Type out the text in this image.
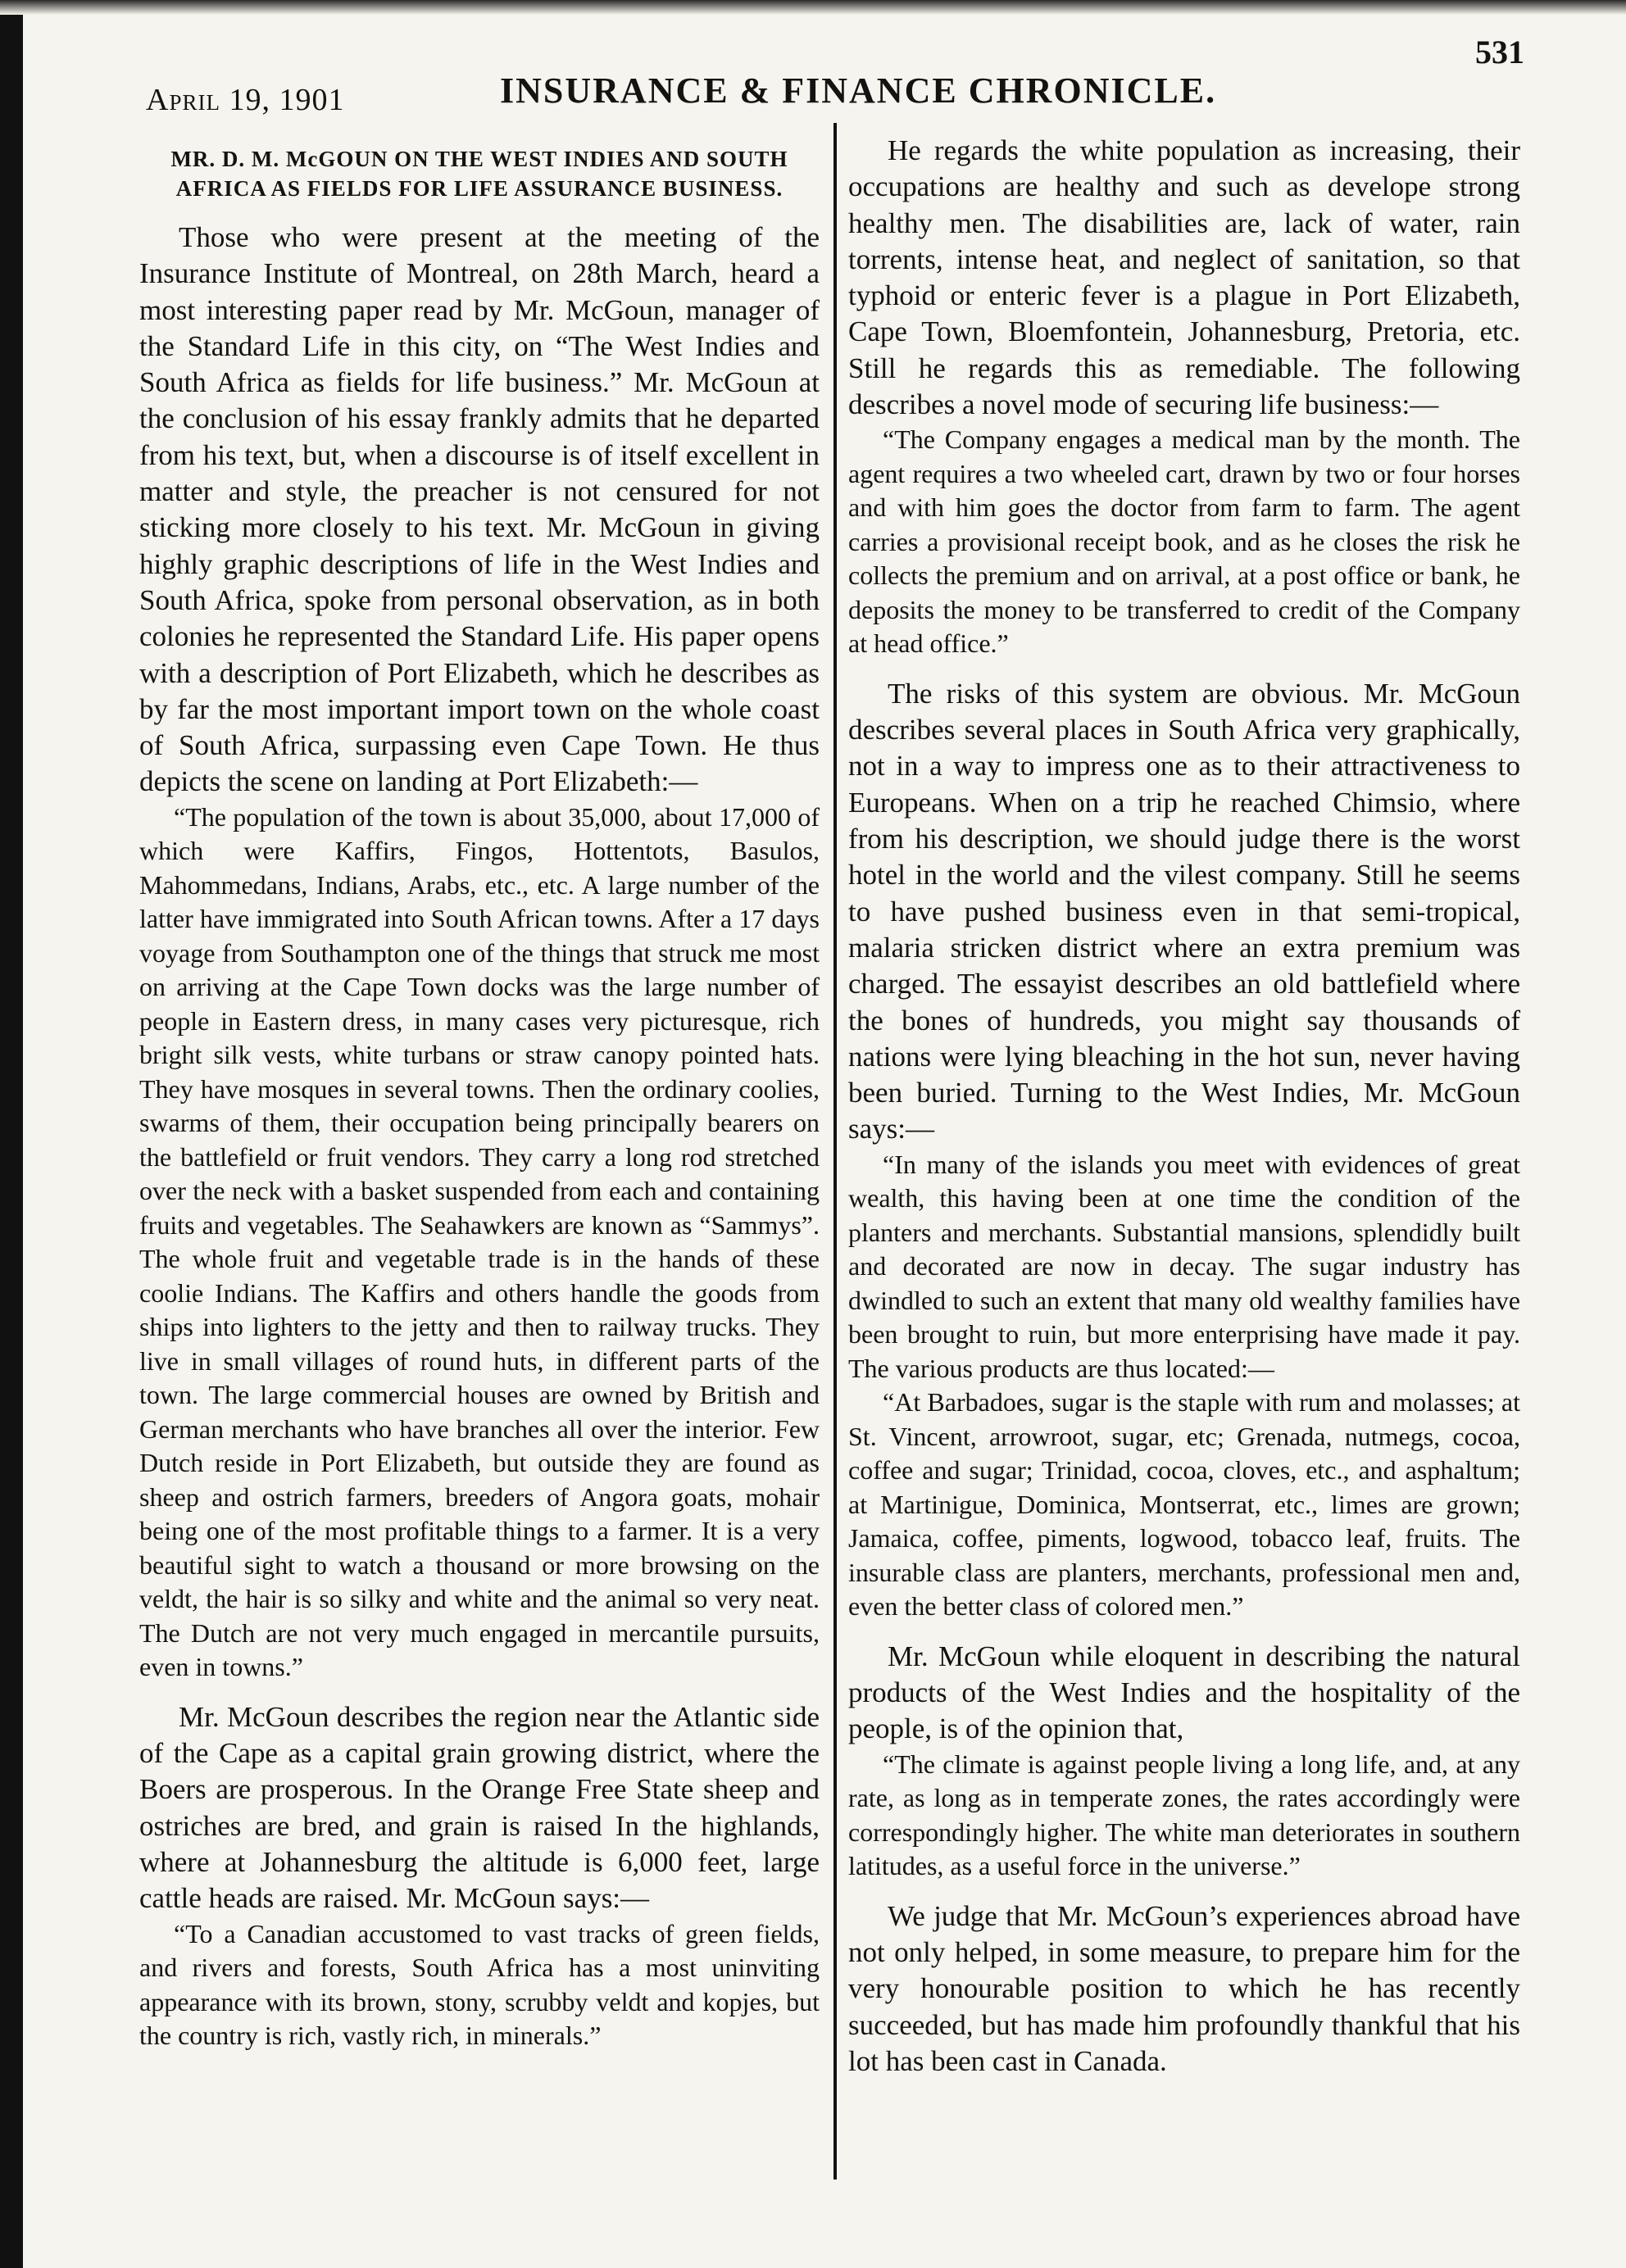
April 19, 1901	INSURANCE & FINANCE CHRONICLE.
531
MR. D. M. McGOUN ON THE WEST INDIES AND SOUTH AFRICA AS FIELDS FOR LIFE ASSURANCE BUSINESS.

Those who were present at the meeting of the Insurance Institute of Montreal, on 28th March, heard a most interesting paper read by Mr. McGoun, manager of the Standard Life in this city, on “The West Indies and South Africa as fields for life business.” Mr. McGoun at the conclusion of his essay frankly admits that he departed from his text, but, when a discourse is of itself excellent in matter and style, the preacher is not censured for not sticking more closely to his text. Mr. McGoun in giving highly graphic descriptions of life in the West Indies and South Africa, spoke from personal observation, as in both colonies he represented the Standard Life. His paper opens with a description of Port Elizabeth, which he describes as by far the most important import town on the whole coast of South Africa, surpassing even Cape Town. He thus depicts the scene on landing at Port Elizabeth:—

“The population of the town is about 35,000, about 17,000 of which were Kaffirs, Fingos, Hottentots, Basulos, Mahommedans, Indians, Arabs, etc., etc. A large number of the latter have immigrated into South African towns. After a 17 days voyage from Southampton one of the things that struck me most on arriving at the Cape Town docks was the large number of people in Eastern dress, in many cases very picturesque, rich bright silk vests, white turbans or straw canopy pointed hats. They have mosques in several towns. Then the ordinary coolies, swarms of them, their occupation being principally bearers on the battlefield or fruit vendors. They carry a long rod stretched over the neck with a basket suspended from each and containing fruits and vegetables. The Seahawkers are known as “Sammys”. The whole fruit and vegetable trade is in the hands of these coolie Indians. The Kaffirs and others handle the goods from ships into lighters to the jetty and then to railway trucks. They live in small villages of round huts, in different parts of the town. The large commercial houses are owned by British and German merchants who have branches all over the interior. Few Dutch reside in Port Elizabeth, but outside they are found as sheep and ostrich farmers, breeders of Angora goats, mohair being one of the most profitable things to a farmer. It is a very beautiful sight to watch a thousand or more browsing on the veldt, the hair is so silky and white and the animal so very neat. The Dutch are not very much engaged in mercantile pursuits, even in towns.”

Mr. McGoun describes the region near the Atlantic side of the Cape as a capital grain growing district, where the Boers are prosperous. In the Orange Free State sheep and ostriches are bred, and grain is raised In the highlands, where at Johannesburg the altitude is 6,000 feet, large cattle heads are raised. Mr. McGoun says:—

“To a Canadian accustomed to vast tracks of green fields, and rivers and forests, South Africa has a most uninviting appearance with its brown, stony, scrubby veldt and kopjes, but the country is rich, vastly rich, in minerals.”

He regards the white population as increasing, their occupations are healthy and such as develope strong healthy men. The disabilities are, lack of water, rain torrents, intense heat, and neglect of sanitation, so that typhoid or enteric fever is a plague in Port Elizabeth, Cape Town, Bloemfontein, Johannesburg, Pretoria, etc. Still he regards this as remediable. The following describes a novel mode of securing life business:—

“The Company engages a medical man by the month. The agent requires a two wheeled cart, drawn by two or four horses and with him goes the doctor from farm to farm. The agent carries a provisional receipt book, and as he closes the risk he collects the premium and on arrival, at a post office or bank, he deposits the money to be transferred to credit of the Company at head office.”

The risks of this system are obvious. Mr. McGoun describes several places in South Africa very graphically, not in a way to impress one as to their attractiveness to Europeans. When on a trip he reached Chimsio, where from his description, we should judge there is the worst hotel in the world and the vilest company. Still he seems to have pushed business even in that semi-tropical, malaria stricken district where an extra premium was charged. The essayist describes an old battlefield where the bones of hundreds, you might say thousands of nations were lying bleaching in the hot sun, never having been buried. Turning to the West Indies, Mr. McGoun says:—

“In many of the islands you meet with evidences of great wealth, this having been at one time the condition of the planters and merchants. Substantial mansions, splendidly built and decorated are now in decay. The sugar industry has dwindled to such an extent that many old wealthy families have been brought to ruin, but more enterprising have made it pay. The various products are thus located:—

“At Barbadoes, sugar is the staple with rum and molasses; at St. Vincent, arrowroot, sugar, etc; Grenada, nutmegs, cocoa, coffee and sugar; Trinidad, cocoa, cloves, etc., and asphaltum; at Martinigue, Dominica, Montserrat, etc., limes are grown; Jamaica, coffee, piments, logwood, tobacco leaf, fruits. The insurable class are planters, merchants, professional men and, even the better class of colored men.”

Mr. McGoun while eloquent in describing the natural products of the West Indies and the hospitality of the people, is of the opinion that,

“The climate is against people living a long life, and, at any rate, as long as in temperate zones, the rates accordingly were correspondingly higher. The white man deteriorates in southern latitudes, as a useful force in the universe.”

We judge that Mr. McGoun’s experiences abroad have not only helped, in some measure, to prepare him for the very honourable position to which he has recently succeeded, but has made him profoundly thankful that his lot has been cast in Canada.
